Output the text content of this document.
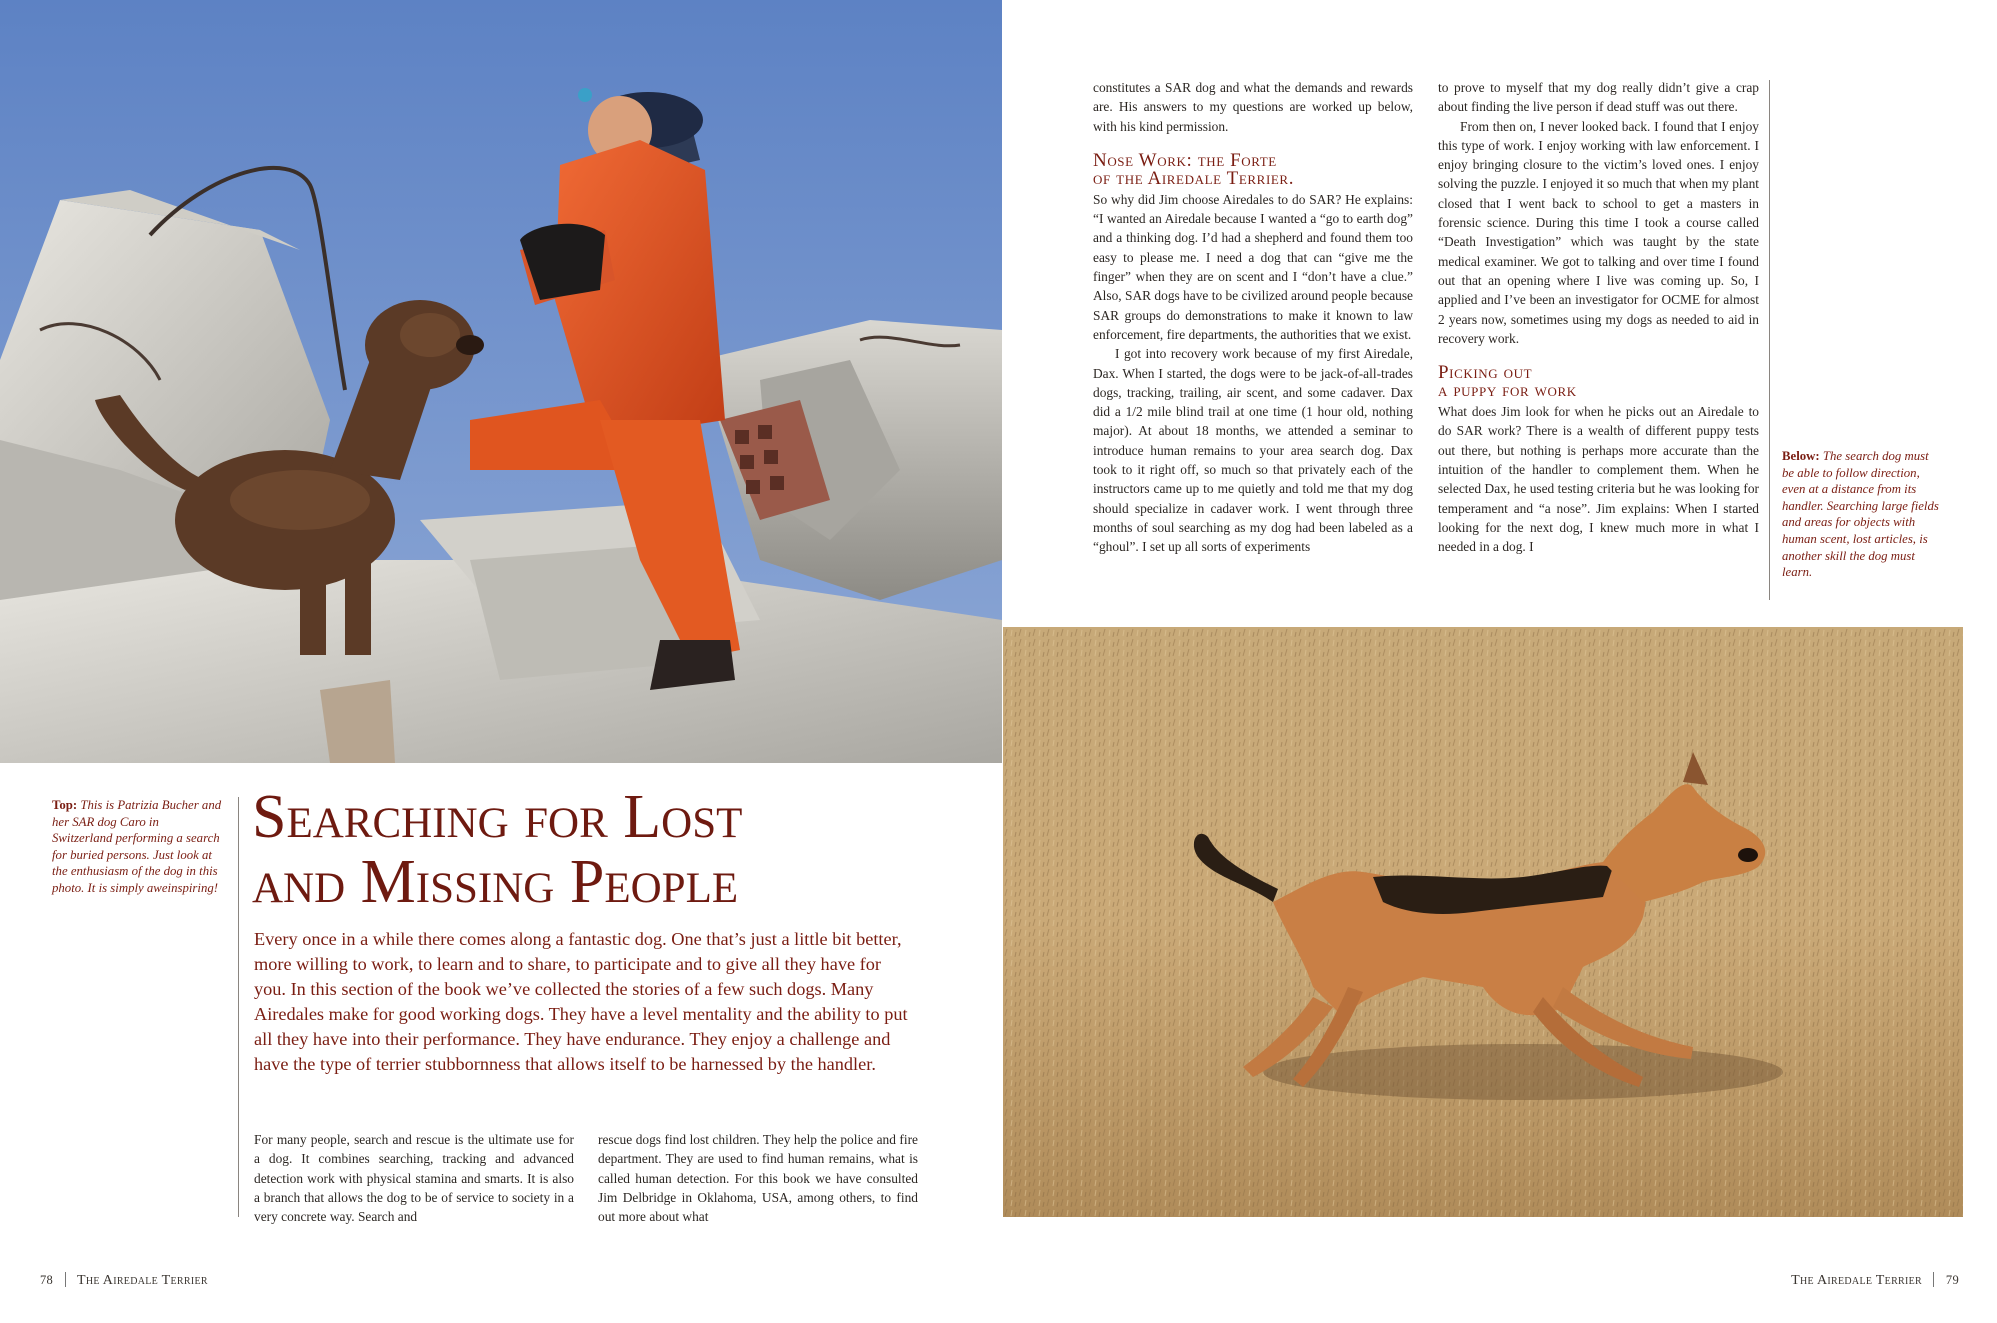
Top: This is Patrizia Bucher and her SAR dog Caro in Switzerland performing a search for buried persons. Just look at the enthusiasm of the dog in this photo. It is simply aweinspiring!
Searching for Lost
and Missing People

Every once in a while there comes along a fantastic dog. One that’s just a little bit better, more willing to work, to learn and to share, to participate and to give all they have for you. In this section of the book we’ve collected the stories of a few such dogs. Many Airedales make for good working dogs. They have a level mentality and the ability to put all they have into their performance. They have endurance. They enjoy a challenge and have the type of terrier stubbornness that allows itself to be harnessed by the handler.

For many people, search and rescue is the ultimate use for a dog. It combines searching, tracking and advanced detection work with physical stamina and smarts. It is also a branch that allows the dog to be of service to society in a very concrete way. Search and

rescue dogs find lost children. They help the police and fire department. They are used to find human remains, what is called human detection. For this book we have consulted Jim Delbridge in Oklahoma, USA, among others, to find out more about what

constitutes a SAR dog and what the demands and rewards are. His answers to my questions are worked up below, with his kind permission.

Nose Work: the Forte
of the Airedale Terrier.

So why did Jim choose Airedales to do SAR? He explains: “I wanted an Airedale because I wanted a “go to earth dog” and a thinking dog. I’d had a shepherd and found them too easy to please me. I need a dog that can “give me the finger” when they are on scent and I “don’t have a clue.” Also, SAR dogs have to be civilized around people because SAR groups do demonstrations to make it known to law enforcement, fire departments, the authorities that we exist.

I got into recovery work because of my first Airedale, Dax. When I started, the dogs were to be jack-of-all-trades dogs, tracking, trailing, air scent, and some cadaver. Dax did a 1/2 mile blind trail at one time (1 hour old, nothing major). At about 18 months, we attended a seminar to introduce human remains to your area search dog. Dax took to it right off, so much so that privately each of the instructors came up to me quietly and told me that my dog should specialize in cadaver work. I went through three months of soul searching as my dog had been labeled as a “ghoul”. I set up all sorts of experiments

to prove to myself that my dog really didn’t give a crap about finding the live person if dead stuff was out there.

From then on, I never looked back. I found that I enjoy this type of work. I enjoy working with law enforcement. I enjoy bringing closure to the victim’s loved ones. I enjoy solving the puzzle. I enjoyed it so much that when my plant closed that I went back to school to get a masters in forensic science. During this time I took a course called “Death Investigation” which was taught by the state medical examiner. We got to talking and over time I found out that an opening where I live was coming up. So, I applied and I’ve been an investigator for OCME for almost 2 years now, sometimes using my dogs as needed to aid in recovery work.

Picking out
a puppy for work

What does Jim look for when he picks out an Airedale to do SAR work? There is a wealth of different puppy tests out there, but nothing is perhaps more accurate than the intuition of the handler to complement them. When he selected Dax, he used testing criteria but he was looking for temperament and “a nose”. Jim explains: When I started looking for the next dog, I knew much more in what I needed in a dog. I

Below: The search dog must be able to follow direction, even at a distance from its handler. Searching large fields and areas for objects with human scent, lost articles, is another skill the dog must learn.
78 The Airedale Terrier	The Airedale Terrier 79
